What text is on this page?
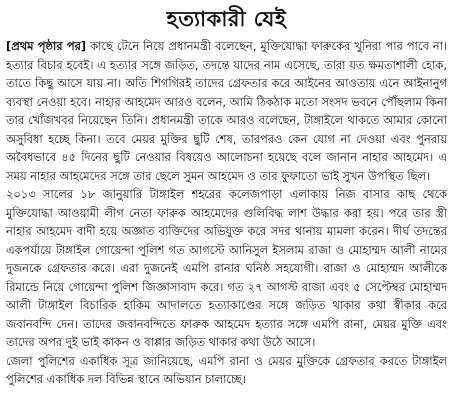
হত্যাকারী যেই

[প্রথম পৃষ্ঠার পর] কাছে টেনে নিয়ে প্রধানমন্ত্রী বলেছেন, মুক্তিযোদ্ধা ফারুকের খুনিরা পার পাবে না। হত্যার বিচার হবেই। এ হত্যার সঙ্গে জড়িত, তদন্তে যাদের নাম এসেছে, তারা যত ক্ষমতাশালী হোক, তাতে কিছু আসে যায় না। অতি শিগগিরই তাদের গ্রেফতার করে আইনের আওতায় এনে আইনানুগ ব্যবস্থা নেওয়া হবে। নাহার আহমেদ আরও বলেন, আমি ঠিকঠাক মতো সংসদ ভবনে পৌঁছলাম কিনা তার খোঁজখবর নিয়েছেন তিনি। প্রধানমন্ত্রী তাকে আরও বলেছেন, টাঙ্গাইলে থাকতে আমার কোনো অসুবিধা হচ্ছে কিনা। তবে মেয়র মুক্তির ছুটি শেষ, তারপরও কেন যোগ না দেওয়া এবং পুনরায় অবৈধভাবে ৪৫ দিনের ছুটি নেওয়ার বিষয়েও আলোচনা হয়েছে বলে জানান নাহার আহমেদ। এ সময় নাহার আহমেদের সঙ্গে তার ছেলে সুমন আহমেদ ও তার ফুফাতো ভাই সুখন উপস্থিত ছিল।

২০১৩ সালের ১৮ জানুয়ারি টাঙ্গাইল শহরের কলেজপাড়া এলাকায় নিজ বাসার কাছ থেকে মুক্তিযোদ্ধা আওয়ামী লীগ নেতা ফারুক আহমেদের গুলিবিদ্ধ লাশ উদ্ধার করা হয়। পরে তার স্ত্রী নাহার আহমেদ বাদী হয়ে অজ্ঞাত ব্যক্তিদের অভিযুক্ত করে সদর থানায় মামলা করেন। দীর্ঘ তদন্তের একপর্যায়ে টাঙ্গাইল গোয়েন্দা পুলিশ গত আগস্টে আনিসুল ইসলাম রাজা ও মোহাম্মদ আলী নামের দুজনকে গ্রেফতার করে। এরা দুজনেই এমপি রানার ঘনিষ্ঠ সহযোগী। রাজা ও মোহাম্মদ আলীকে রিমান্ডে নিয়ে গোয়েন্দা পুলিশ জিজ্ঞাসাবাদ করে। গত ২৭ আগস্ট রাজা এবং ৫ সেপ্টেম্বর মোহাম্মদ আলী টাঙ্গাইল বিচারিক হাকিম আদালতে হত্যাকাণ্ডের সঙ্গে জড়িত থাকার কথা স্বীকার করে জবানবন্দি দেন। তাদের জবানবন্দিতে ফারুক আহমেদ হত্যার সঙ্গে এমপি রানা, মেয়র মুক্তি এবং তাদের অপর দুই ভাই কাকন ও বাপ্পার জড়িত থাকার কথা উঠে আসে।

জেলা পুলিশের একাধিক সূত্র জানিয়েছে, এমপি রানা ও মেয়র মুক্তিকে গ্রেফতার করতে টাঙ্গাইল পুলিশের একাধিক দল বিভিন্ন স্থানে অভিযান চালাচ্ছে।
